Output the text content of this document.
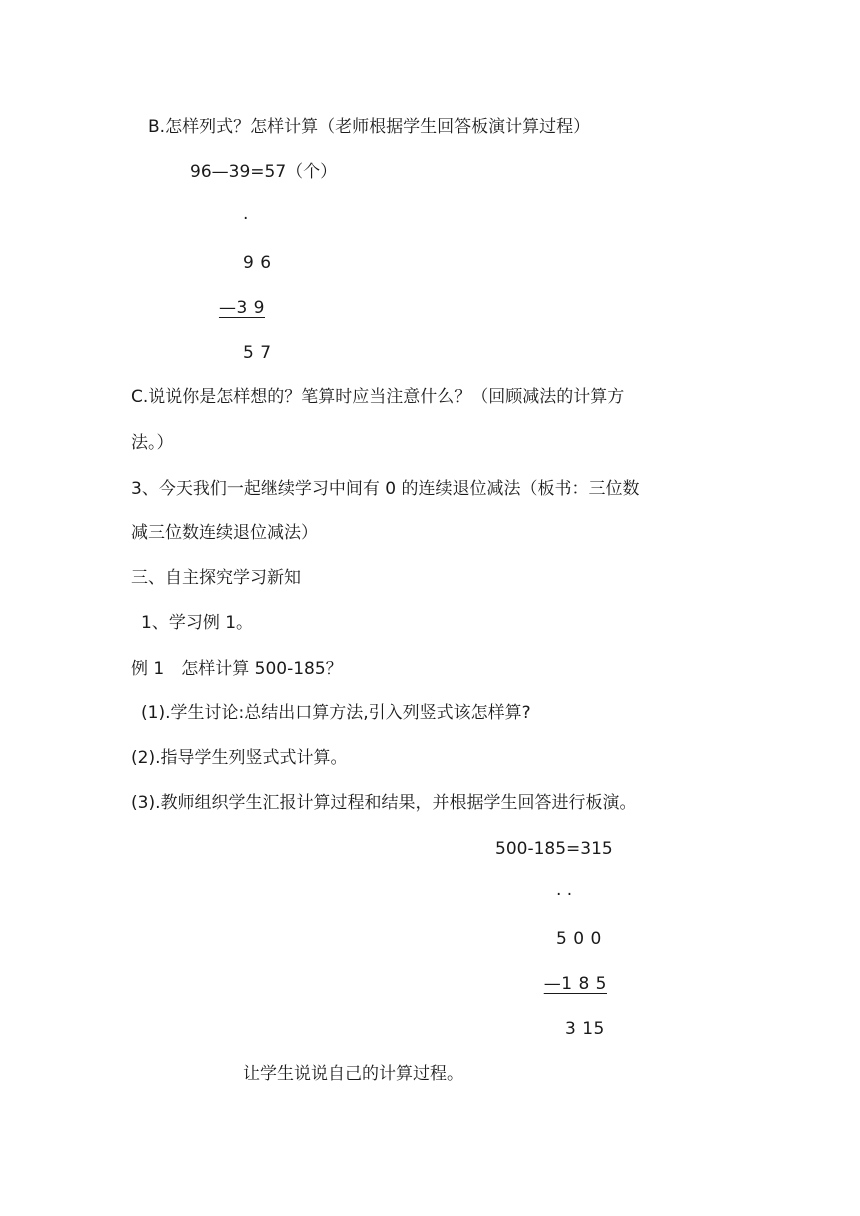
B.怎样列式？怎样计算（老师根据学生回答板演计算过程）
96—39=57（个）
·
9 6
—3 9
5 7
C.说说你是怎样想的？笔算时应当注意什么？（回顾减法的计算方
法。）
3、今天我们一起继续学习中间有 0 的连续退位减法（板书：三位数
减三位数连续退位减法）
三、自主探究学习新知
1、学习例 1。
例 1　怎样计算 500-185？
(1).学生讨论:总结出口算方法,引入列竖式该怎样算?
(2).指导学生列竖式式计算。
(3).教师组织学生汇报计算过程和结果，并根据学生回答进行板演。
500-185=315
· ·
5 0 0
—1 8 5
3 15
让学生说说自己的计算过程。
